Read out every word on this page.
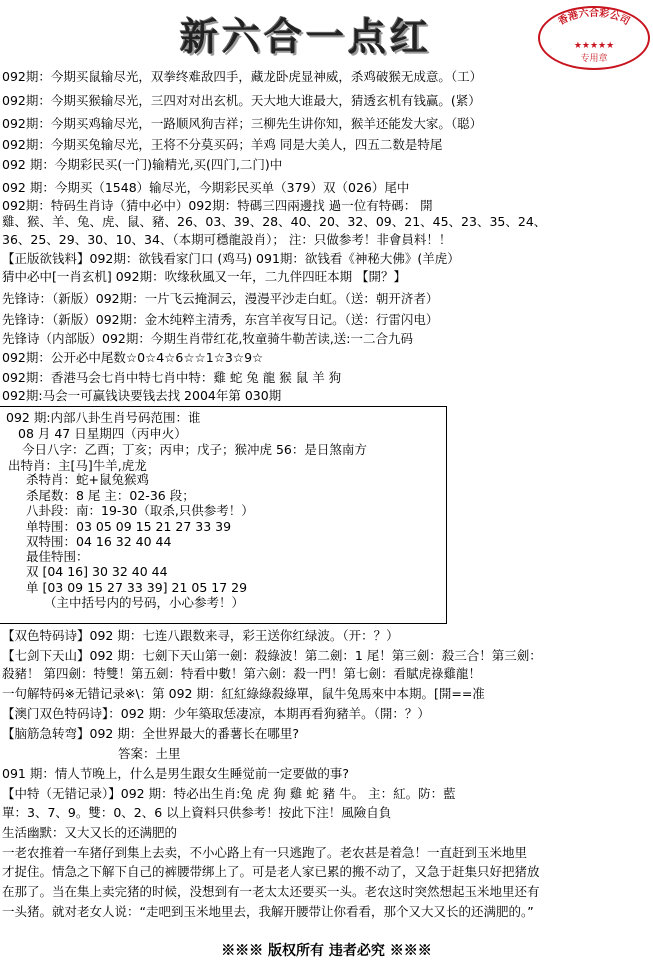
新六合一点红	香港六合彩公司
★★★★★
专用章
092期：今期买鼠输尽光，双拳终难敌四手，藏龙卧虎显神威，杀鸡破猴无成意。（工）
092期：今期买猴输尽光，三四对对出玄机。天大地大谁最大，猜透玄机有钱赢。(紧）
092期：今期买鸡输尽光，一路顺风狗吉祥；三柳先生讲你知，猴羊还能发大家。（聪）
092期：今期买兔输尽光，王将不分莫买码；羊鸡 同是大美人，四五二数是特尾
092 期：今期彩民买(一门)输精光,买(四门,二门)中
092 期：今期买（1548）输尽光，今期彩民买单（379）双（026）尾中
092期：特码生肖诗（猜中必中）092期：特碼三四兩邊找 過一位有特碼： 開
雞、猴、羊、兔、虎、鼠、豬、26、03、39、28、40、20、32、09、21、45、23、35、24、
36、25、29、30、10、34、（本期可穩龍設肖）； 注：只做参考！非會員料！！
【正版欲钱料】092期：欲钱看家门口 (鸡马) 091期：欲钱看《神秘大佛》(羊虎）
猜中必中[一肖玄机] 092期：吹缘秋風又一年，二九伴四旺本期 【開？】
先锋诗：（新版）092期：一片飞云掩洞云，漫漫平沙走白虹。（送：朝开济者）
先锋诗：（新版）092期：金木纯粹主清秀，东宫羊夜写日记。（送：行雷闪电）
先锋诗（内部版）092期：今期生肖带红花,牧童骑牛勒苦读,送:一二合九码
092期：公开必中尾数☆0☆4☆6☆☆1☆3☆9☆
092期：香港马会七肖中特七肖中特：雞 蛇 兔 龍 猴 鼠 羊 狗
092期:马会一可赢钱诀要钱去找 2004年第 030期
092 期:内部八卦生肖号码范围：谁
08 月 47 日星期四（丙申火）
今日八字：乙酉；丁亥；丙申；戊子；猴冲虎 56：是日煞南方
出特肖：主[马]牛羊,虎龙
杀特肖：蛇+鼠兔猴鸡
杀尾数：8 尾 主：02-36 段；
八卦段：南：19-30（取杀,只供参考！）
单特围：03 05 09 15 21 27 33 39
双特围：04 16 32 40 44
最佳特围：
双 [04 16] 30 32 40 44
单 [03 09 15 27 33 39] 21 05 17 29
（主中括号内的号码，小心参考！）
【双色特码诗】092 期：七连八跟数来寻，彩王送你红绿波。（开：？）
【七剑下天山】092 期：七劍下天山第一劍：殺綠波！第二劍：1 尾！第三劍：殺三合！第三劍：
殺豬！ 第四劍：特雙！第五劍：特看中數！第六劍：殺一門！第七劍：看賦虎祿雞龍！
一句解特码※无错记录※\：第 092 期：紅紅綠綠殺綠單，鼠牛兔馬來中本期。[開==准
【澳门双色特码诗】：092 期：少年築取恁凄凉，本期再看狗豬羊。（開：？）
【脑筋急转弯】092 期：全世界最大的番薯长在哪里?
答案：土里
091 期：情人节晚上，什么是男生跟女生睡觉前一定要做的事?
【中特（无错记录）】092 期：特必出生肖:兔 虎 狗 雞 蛇 豬 牛。 主：紅。防：藍
單：3、7、9。雙：0、2、6 以上資料只供参考！按此下注！風險自負
生活幽默：又大又长的还满肥的
一老农推着一车猪仔到集上去卖，不小心路上有一只逃跑了。老农甚是着急！一直赶到玉米地里
才捉住。情急之下解下自己的裤腰带绑上了。可是老人家已累的搬不动了，又急于赶集只好把猪放
在那了。当在集上卖完猪的时候，没想到有一老太太还要买一头。老农这时突然想起玉米地里还有
一头猪。就对老女人说：“走吧到玉米地里去，我解开腰带让你看看，那个又大又长的还满肥的。”
※※※ 版权所有 违者必究 ※※※
